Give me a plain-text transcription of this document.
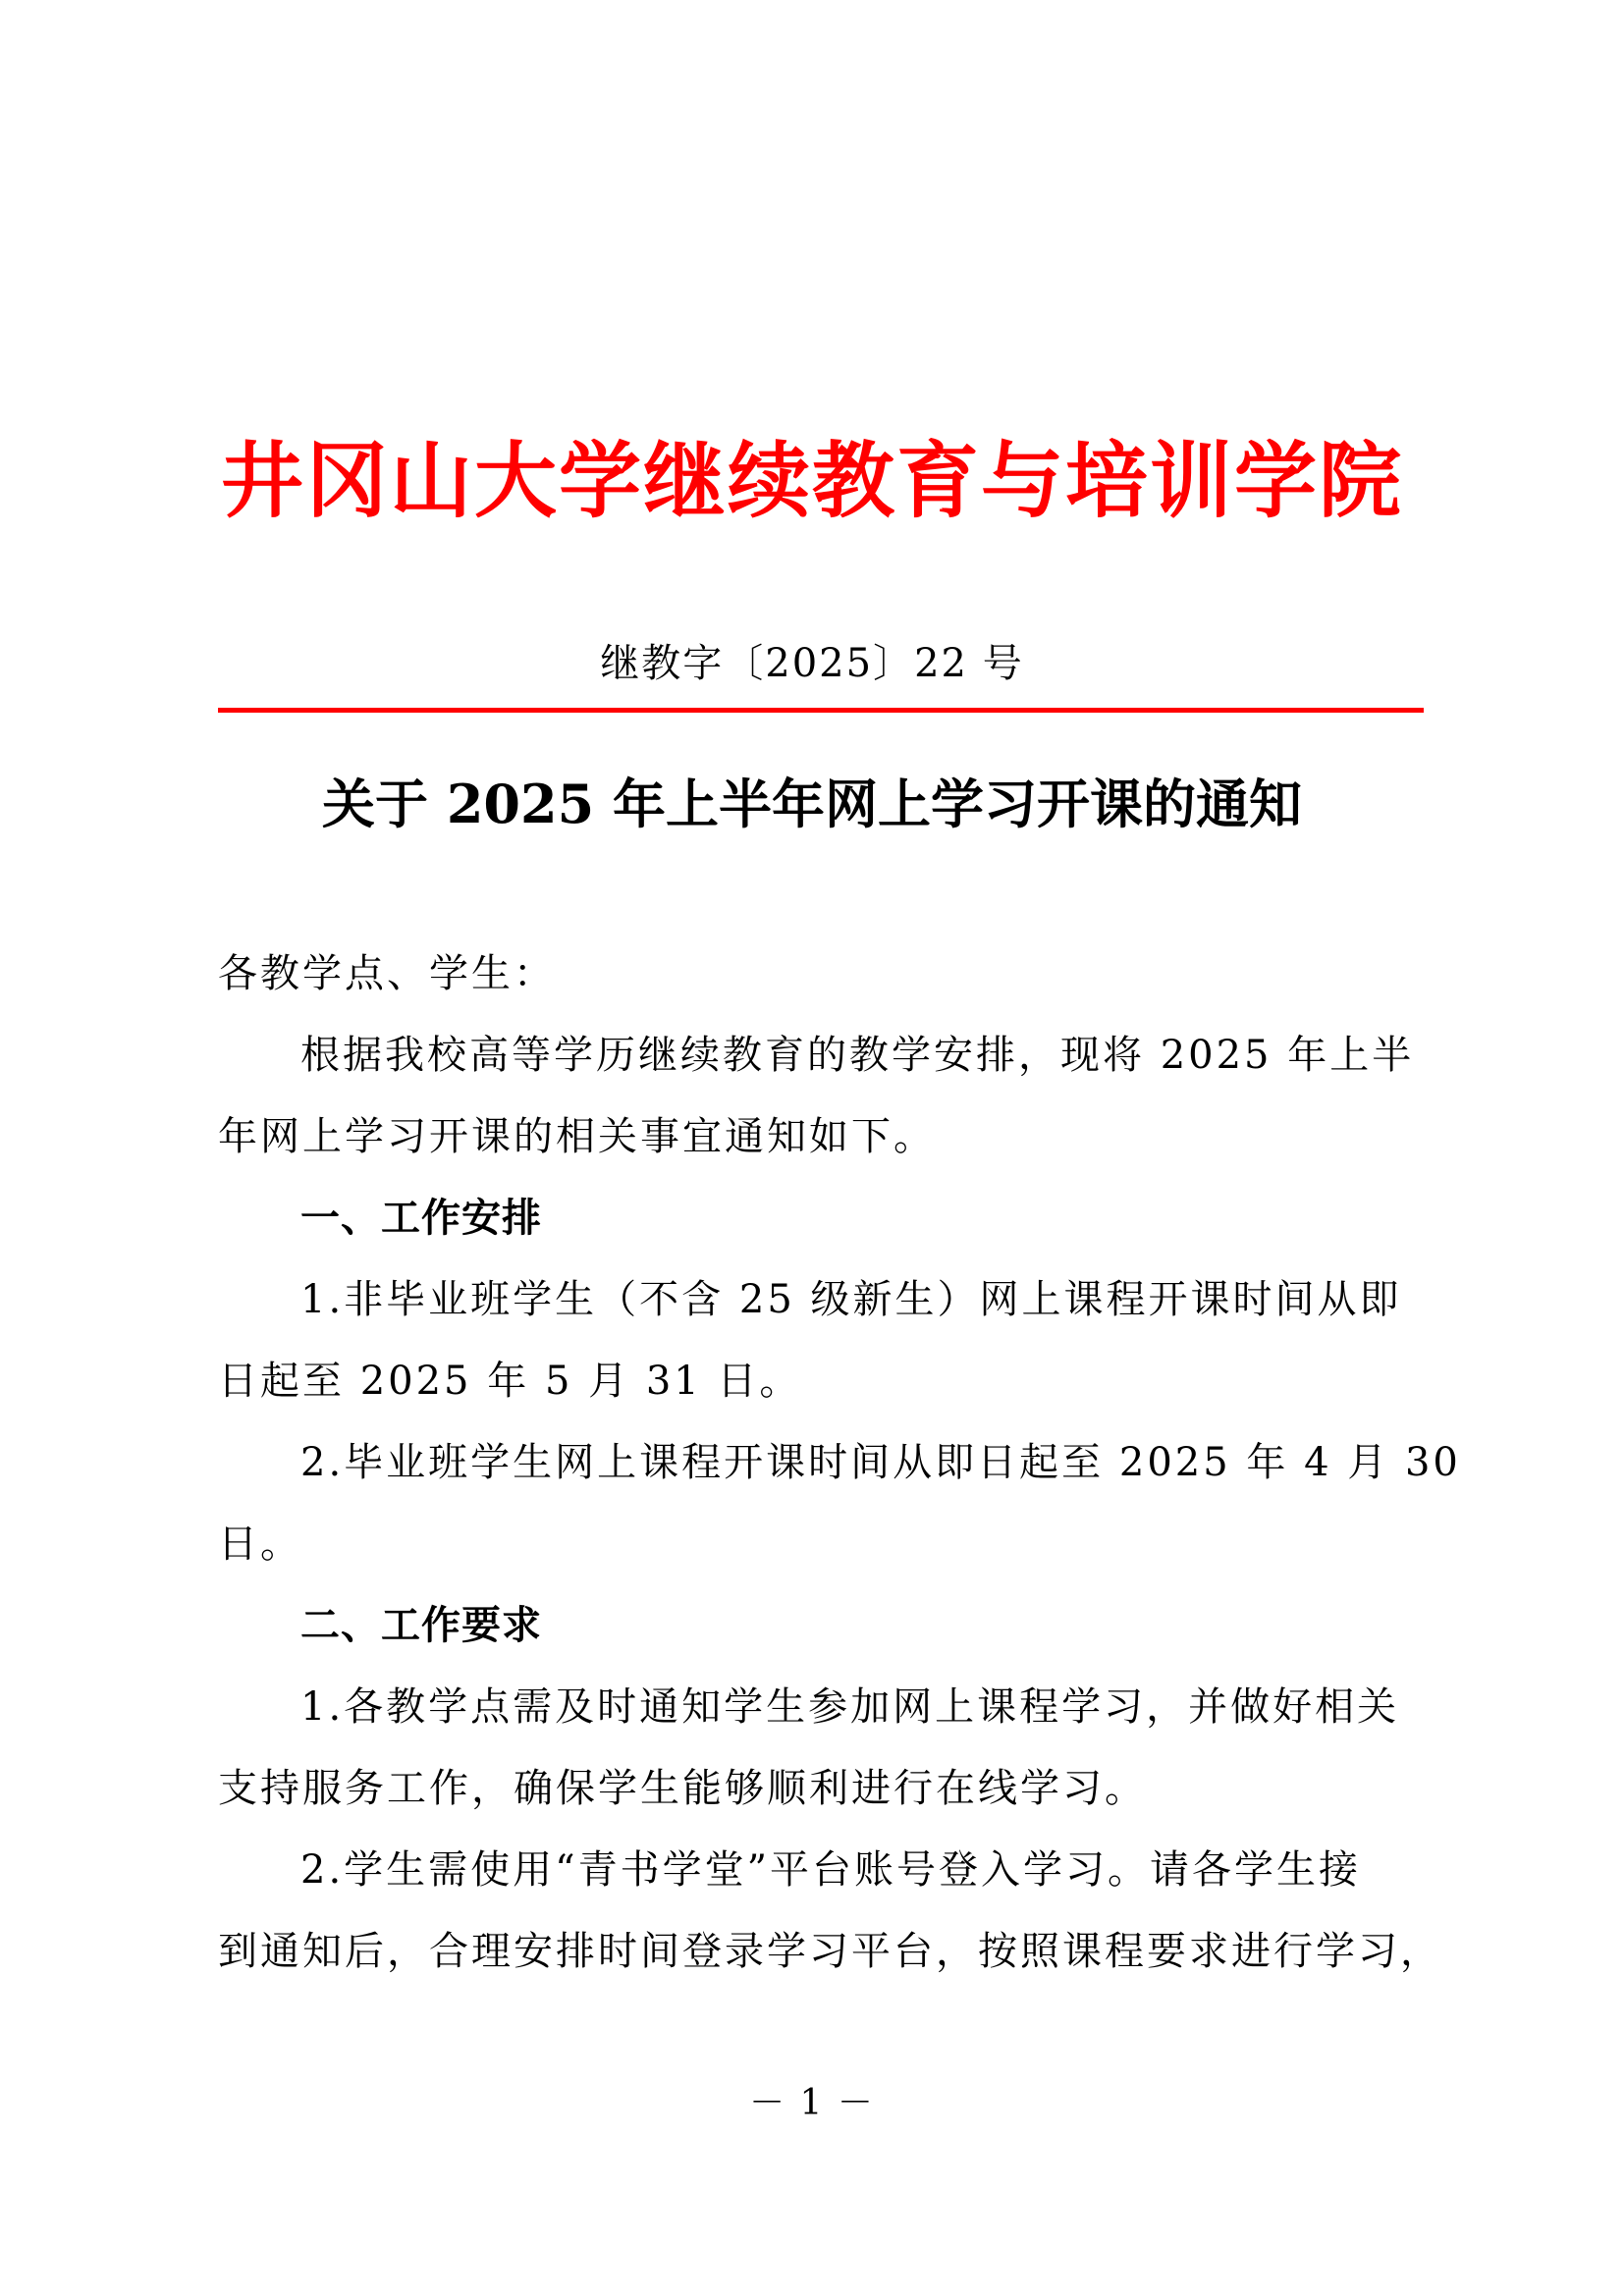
井冈山大学继续教育与培训学院
继教字〔2025〕22 号
关于 2025 年上半年网上学习开课的通知
各教学点、学生：
根据我校高等学历继续教育的教学安排，现将 2025 年上半
年网上学习开课的相关事宜通知如下。
一、工作安排
1.非毕业班学生（不含 25 级新生）网上课程开课时间从即
日起至 2025 年 5 月 31 日。
2.毕业班学生网上课程开课时间从即日起至 2025 年 4 月 30
日。
二、工作要求
1.各教学点需及时通知学生参加网上课程学习，并做好相关
支持服务工作，确保学生能够顺利进行在线学习。
2.学生需使用“青书学堂”平台账号登入学习。请各学生接
到通知后，合理安排时间登录学习平台，按照课程要求进行学习，
－ 1 －
